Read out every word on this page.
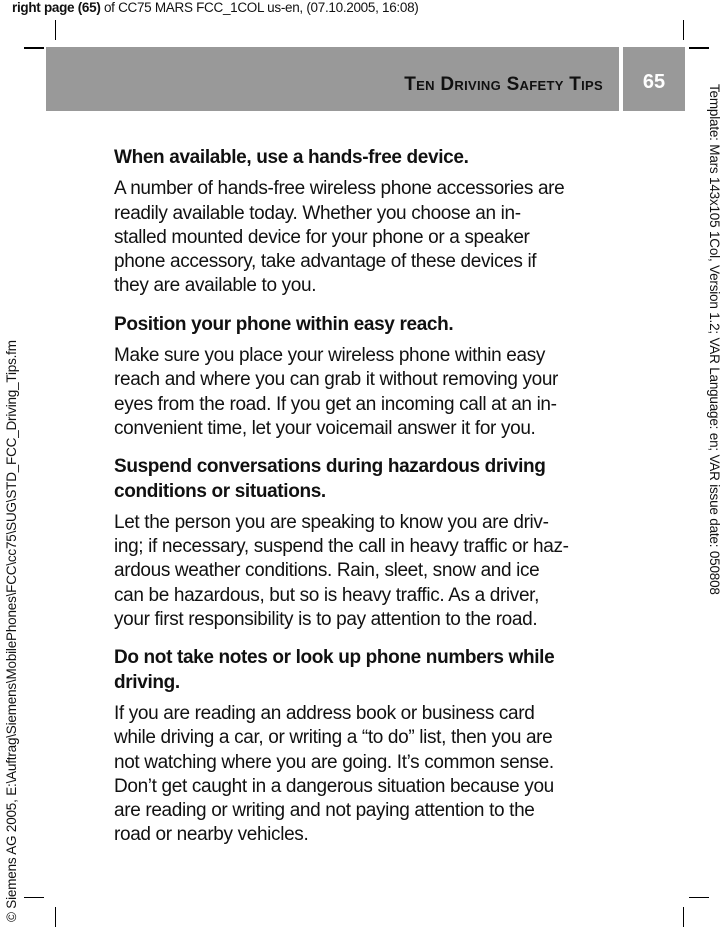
right page (65) of CC75 MARS FCC_1COL us-en, (07.10.2005, 16:08)
Ten Driving Safety Tips	65
© Siemens AG 2005, E:\Auftrag\Siemens\MobilePhones\FCC\cc75\SUG\STD_FCC_Driving_Tips.fm
Template: Mars 143x105 1Col, Version 1.2; VAR Language: en; VAR issue date: 050808
When available, use a hands-free device.
A number of hands-free wireless phone accessories are
readily available today. Whether you choose an in-
stalled mounted device for your phone or a speaker
phone accessory, take advantage of these devices if
they are available to you.
Position your phone within easy reach.
Make sure you place your wireless phone within easy
reach and where you can grab it without removing your
eyes from the road. If you get an incoming call at an in-
convenient time, let your voicemail answer it for you.
Suspend conversations during hazardous driving
conditions or situations.
Let the person you are speaking to know you are driv-
ing; if necessary, suspend the call in heavy traffic or haz-
ardous weather conditions. Rain, sleet, snow and ice
can be hazardous, but so is heavy traffic. As a driver,
your first responsibility is to pay attention to the road.
Do not take notes or look up phone numbers while
driving.
If you are reading an address book or business card
while driving a car, or writing a “to do” list, then you are
not watching where you are going. It’s common sense.
Don’t get caught in a dangerous situation because you
are reading or writing and not paying attention to the
road or nearby vehicles.
